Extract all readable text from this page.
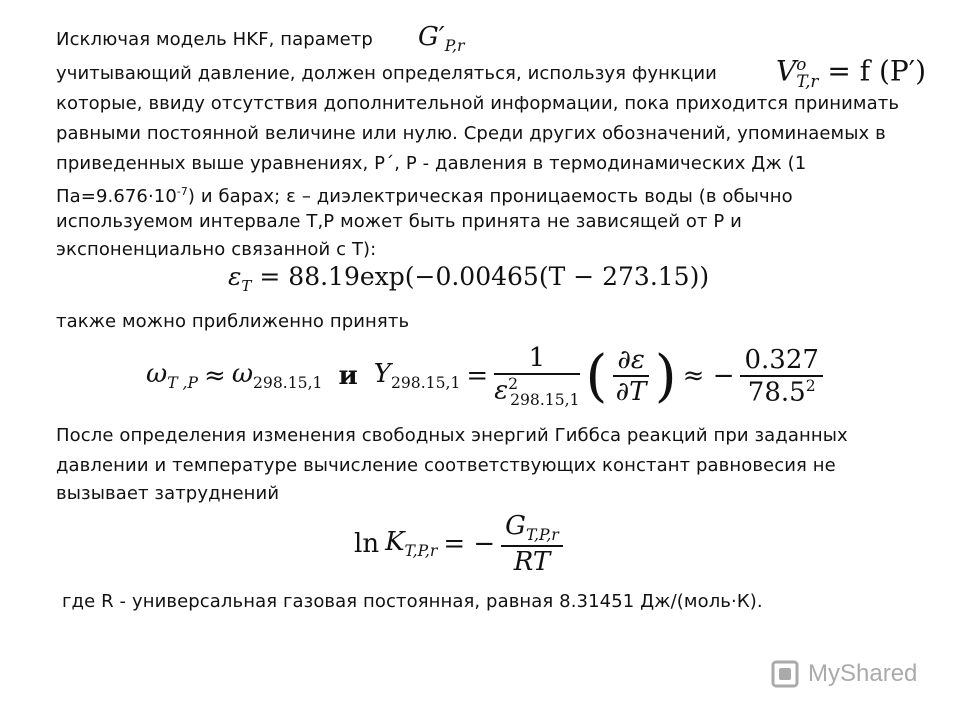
Исключая модель HKF, параметр $G'_{P,r}$
учитывающий давление, должен определяться, используя функции $V^o_{T,r} = f$ (P′)
которые, ввиду отсутствия дополнительной информации, пока приходится принимать
равными постоянной величине или нулю. Среди других обозначений, упоминаемых в
приведенных выше уравнениях, P´, P - давления в термодинамических Дж (1
$Па=9.676\cdot 10^{-7}$) и барах; ε – диэлектрическая проницаемость воды (в обычно
используемом интервале T,P может быть принята не зависящей от P и
экспоненциально связанной с T):
$\varepsilon_T = 88.19\exp(-0.00465(T - 273.15))$
также можно приближенно принять
$\omega_{T ,P} \approx \omega_{298.15,1}$ и $Y_{298.15,1} = \frac{1}{\varepsilon^2_{298.15,1}}$ ( $\frac{\partial\varepsilon}{\partial T}$ ) ≈ − $\frac{0.327}{78.5^2}$
После определения изменения свободных энергий Гиббса реакций при заданных
давлении и температуре вычисление соответствующих констант равновесия не
вызывает затруднений
$\ln K_{T,P,r}$ = − $\frac{G_{T,P,r}}{RT}$
где R - универсальная газовая постоянная, равная 8.31451 Дж/(моль·К).
MyShared
